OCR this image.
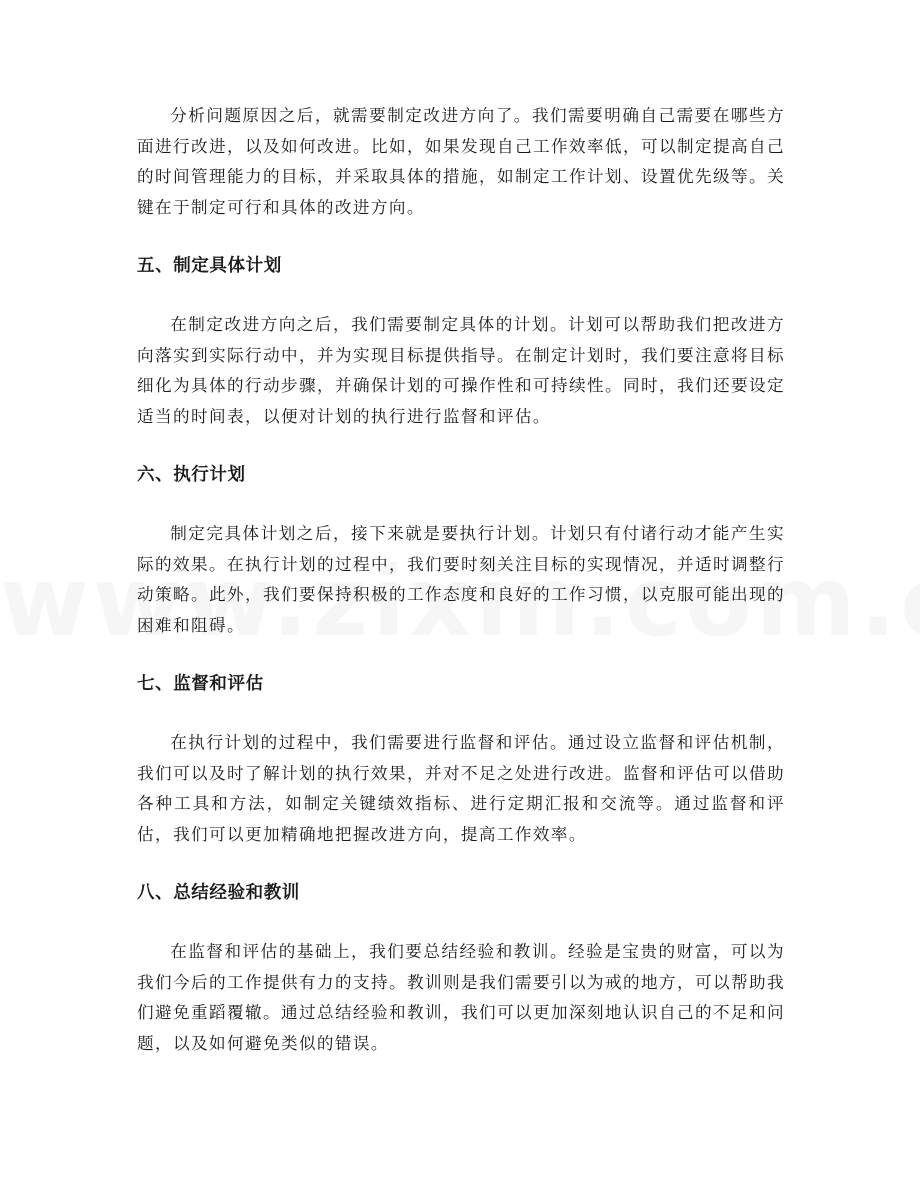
分析问题原因之后，就需要制定改进方向了。我们需要明确自己需要在哪些方面进行改进，以及如何改进。比如，如果发现自己工作效率低，可以制定提高自己的时间管理能力的目标，并采取具体的措施，如制定工作计划、设置优先级等。关键在于制定可行和具体的改进方向。

五、制定具体计划

在制定改进方向之后，我们需要制定具体的计划。计划可以帮助我们把改进方向落实到实际行动中，并为实现目标提供指导。在制定计划时，我们要注意将目标细化为具体的行动步骤，并确保计划的可操作性和可持续性。同时，我们还要设定适当的时间表，以便对计划的执行进行监督和评估。

六、执行计划

制定完具体计划之后，接下来就是要执行计划。计划只有付诸行动才能产生实际的效果。在执行计划的过程中，我们要时刻关注目标的实现情况，并适时调整行动策略。此外，我们要保持积极的工作态度和良好的工作习惯，以克服可能出现的困难和阻碍。

七、监督和评估

在执行计划的过程中，我们需要进行监督和评估。通过设立监督和评估机制，我们可以及时了解计划的执行效果，并对不足之处进行改进。监督和评估可以借助各种工具和方法，如制定关键绩效指标、进行定期汇报和交流等。通过监督和评估，我们可以更加精确地把握改进方向，提高工作效率。

八、总结经验和教训

在监督和评估的基础上，我们要总结经验和教训。经验是宝贵的财富，可以为我们今后的工作提供有力的支持。教训则是我们需要引以为戒的地方，可以帮助我们避免重蹈覆辙。通过总结经验和教训，我们可以更加深刻地认识自己的不足和问题，以及如何避免类似的错误。
